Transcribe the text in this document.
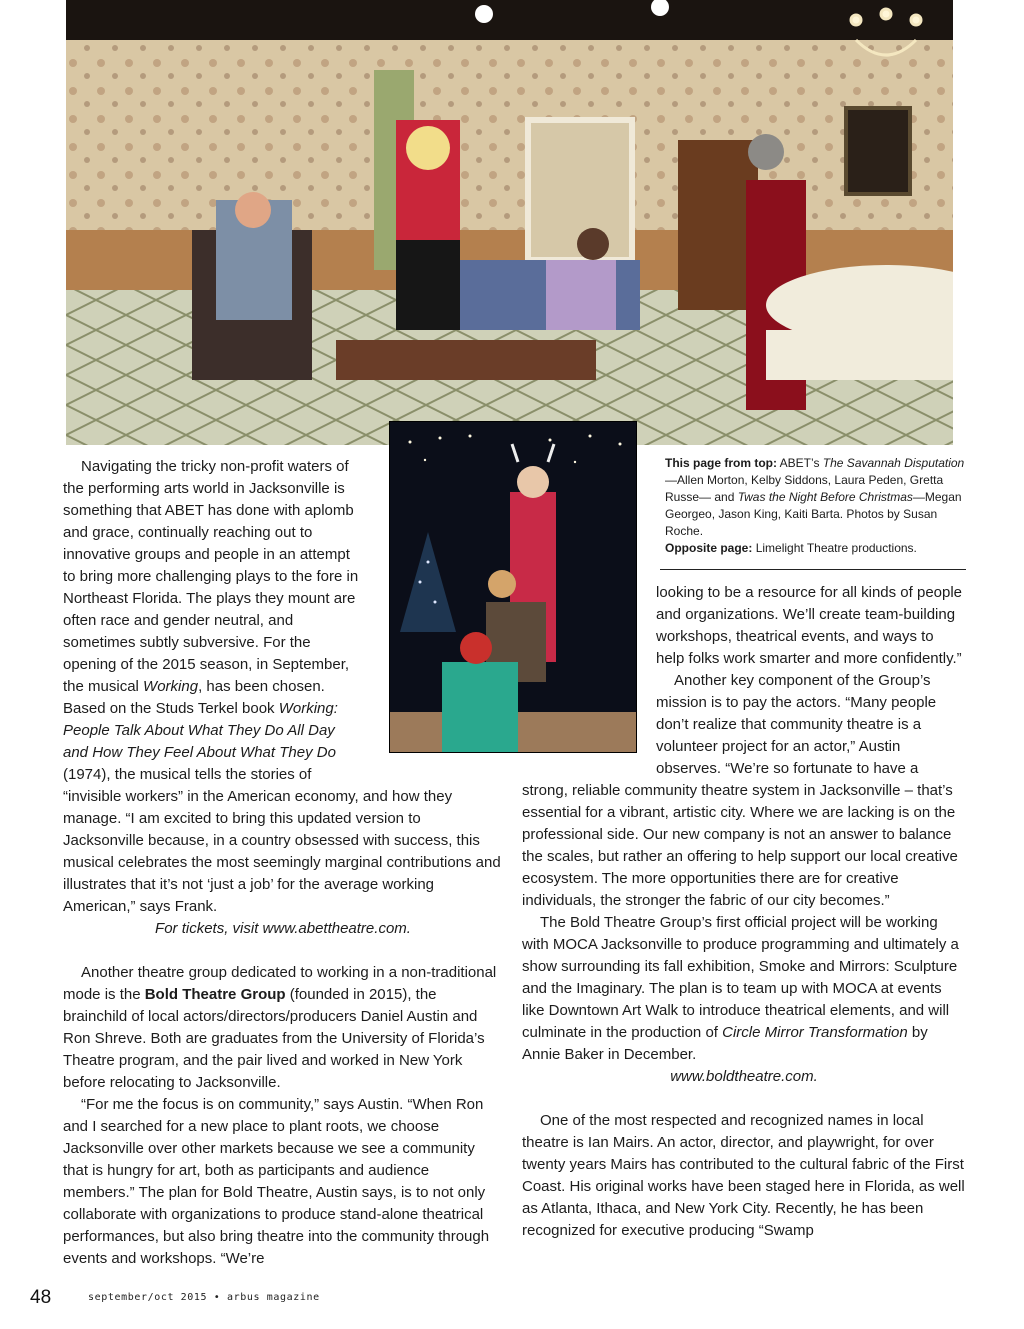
This page from top: ABET’s The Savannah Disputation—Allen Morton, Kelby Siddons, Laura Peden, Gretta Russe— and Twas the Night Before Christmas—Megan Georgeo, Jason King, Kaiti Barta. Photos by Susan Roche.
Opposite page: Limelight Theatre productions.

Navigating the tricky non-profit waters of the performing arts world in Jacksonville is something that ABET has done with aplomb and grace, continually reaching out to innovative groups and people in an attempt to bring more challenging plays to the fore in Northeast Florida. The plays they mount are often race and gender neutral, and sometimes subtly subversive. For the opening of the 2015 season, in September, the musical Working, has been chosen. Based on the Studs Terkel book Working: People Talk About What They Do All Day and How They Feel About What They Do (1974), the musical tells the stories of “invisible workers” in the American economy, and how they manage. “I am excited to bring this updated version to Jacksonville because, in a country obsessed with success, this musical celebrates the most seemingly marginal contributions and illustrates that it’s not ‘just a job’ for the average working American,” says Frank.

For tickets, visit www.abettheatre.com.

Another theatre group dedicated to working in a non-traditional mode is the Bold Theatre Group (founded in 2015), the brainchild of local actors/directors/producers Daniel Austin and Ron Shreve. Both are graduates from the University of Florida’s Theatre program, and the pair lived and worked in New York before relocating to Jacksonville.

“For me the focus is on community,” says Austin. “When Ron and I searched for a new place to plant roots, we choose Jacksonville over other markets because we see a community that is hungry for art, both as participants and audience members.” The plan for Bold Theatre, Austin says, is to not only collaborate with organizations to produce stand-alone theatrical performances, but also bring theatre into the community through events and workshops. “We’re

looking to be a resource for all kinds of people and organizations. We’ll create team-building workshops, theatrical events, and ways to help folks work smarter and more confidently.”

Another key component of the Group’s mission is to pay the actors. “Many people don’t realize that community theatre is a volunteer project for an actor,” Austin observes. “We’re so fortunate to have a strong, reliable community theatre system in Jacksonville – that’s essential for a vibrant, artistic city. Where we are lacking is on the professional side. Our new company is not an answer to balance the scales, but rather an offering to help support our local creative ecosystem. The more opportunities there are for creative individuals, the stronger the fabric of our city becomes.”

The Bold Theatre Group’s first official project will be working with MOCA Jacksonville to produce programming and ultimately a show surrounding its fall exhibition, Smoke and Mirrors: Sculpture and the Imaginary. The plan is to team up with MOCA at events like Downtown Art Walk to introduce theatrical elements, and will culminate in the production of Circle Mirror Transformation by Annie Baker in December.

www.boldtheatre.com.

One of the most respected and recognized names in local theatre is Ian Mairs. An actor, director, and playwright, for over twenty years Mairs has contributed to the cultural fabric of the First Coast. His original works have been staged here in Florida, as well as Atlanta, Ithaca, and New York City. Recently, he has been recognized for executive producing “Swamp

48	september/oct 2015 • arbus magazine
